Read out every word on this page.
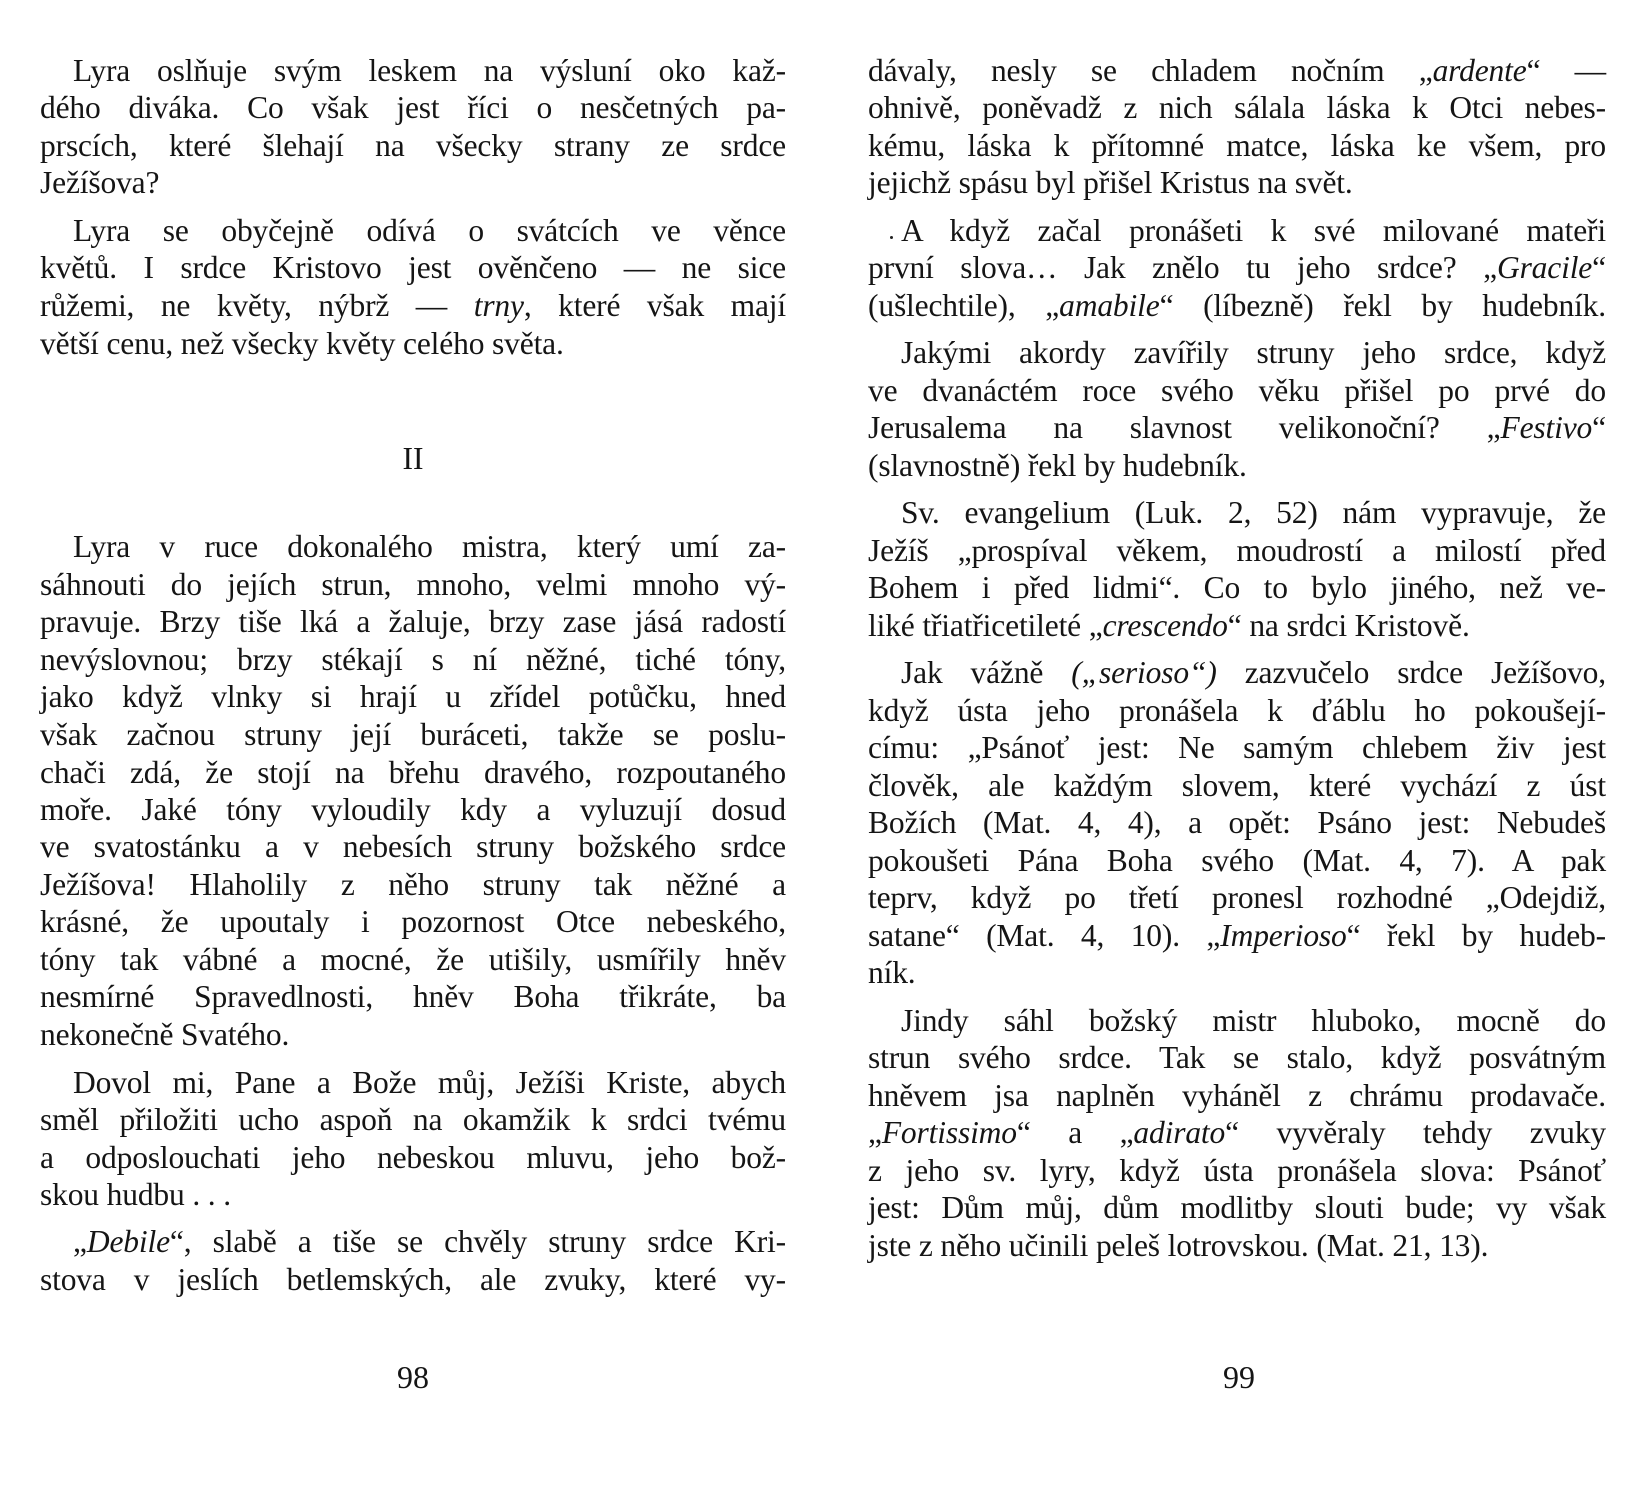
Lyra oslňuje svým leskem na výsluní oko kaž-
dého diváka. Co však jest říci o nesčetných pa-
prscích, které šlehají na všecky strany ze srdce
Ježíšova?
Lyra se obyčejně odívá o svátcích ve věnce
květů. I srdce Kristovo jest ověnčeno — ne sice
růžemi, ne květy, nýbrž — trny, které však mají
větší cenu, než všecky květy celého světa.
Lyra v ruce dokonalého mistra, který umí za-
sáhnouti do jejích strun, mnoho, velmi mnoho vý-
pravuje. Brzy tiše lká a žaluje, brzy zase jásá radostí
nevýslovnou; brzy stékají s ní něžné, tiché tóny,
jako když vlnky si hrají u zřídel potůčku, hned
však začnou struny její buráceti, takže se poslu-
chači zdá, že stojí na břehu dravého, rozpoutaného
moře. Jaké tóny vyloudily kdy a vyluzují dosud
ve svatostánku a v nebesích struny božského srdce
Ježíšova! Hlaholily z něho struny tak něžné a
krásné, že upoutaly i pozornost Otce nebeského,
tóny tak vábné a mocné, že utišily, usmířily hněv
nesmírné Spravedlnosti, hněv Boha třikráte, ba
nekonečně Svatého.
Dovol mi, Pane a Bože můj, Ježíši Kriste, abych
směl přiložiti ucho aspoň na okamžik k srdci tvému
a odposlouchati jeho nebeskou mluvu, jeho bož-
skou hudbu . . .
„Debile“, slabě a tiše se chvěly struny srdce Kri-
stova v jeslích betlemských, ale zvuky, které vy-
II
98
dávaly, nesly se chladem nočním „ardente“ —
ohnivě, poněvadž z nich sálala láska k Otci nebes-
kému, láska k přítomné matce, láska ke všem, pro
jejichž spásu byl přišel Kristus na svět.
A když začal pronášeti k své milované mateři
první slova… Jak znělo tu jeho srdce? „Gracile“
(ušlechtile), „amabile“ (líbezně) řekl by hudebník.
Jakými akordy zavířily struny jeho srdce, když
ve dvanáctém roce svého věku přišel po prvé do
Jerusalema na slavnost velikonoční? „Festivo“
(slavnostně) řekl by hudebník.
Sv. evangelium (Luk. 2, 52) nám vypravuje, že
Ježíš „prospíval věkem, moudrostí a milostí před
Bohem i před lidmi“. Co to bylo jiného, než ve-
liké třiatřicetileté „crescendo“ na srdci Kristově.
Jak vážně („serioso“) zazvučelo srdce Ježíšovo,
když ústa jeho pronášela k ďáblu ho pokoušejí-
címu: „Psánoť jest: Ne samým chlebem živ jest
člověk, ale každým slovem, které vychází z úst
Božích (Mat. 4, 4), a opět: Psáno jest: Nebudeš
pokoušeti Pána Boha svého (Mat. 4, 7). A pak
teprv, když po třetí pronesl rozhodné „Odejdiž,
satane“ (Mat. 4, 10). „Imperioso“ řekl by hudeb-
ník.
Jindy sáhl božský mistr hluboko, mocně do
strun svého srdce. Tak se stalo, když posvátným
hněvem jsa naplněn vyháněl z chrámu prodavače.
„Fortissimo“ a „adirato“ vyvěraly tehdy zvuky
z jeho sv. lyry, když ústa pronášela slova: Psánoť
jest: Dům můj, dům modlitby slouti bude; vy však
jste z něho učinili peleš lotrovskou. (Mat. 21, 13).
99
